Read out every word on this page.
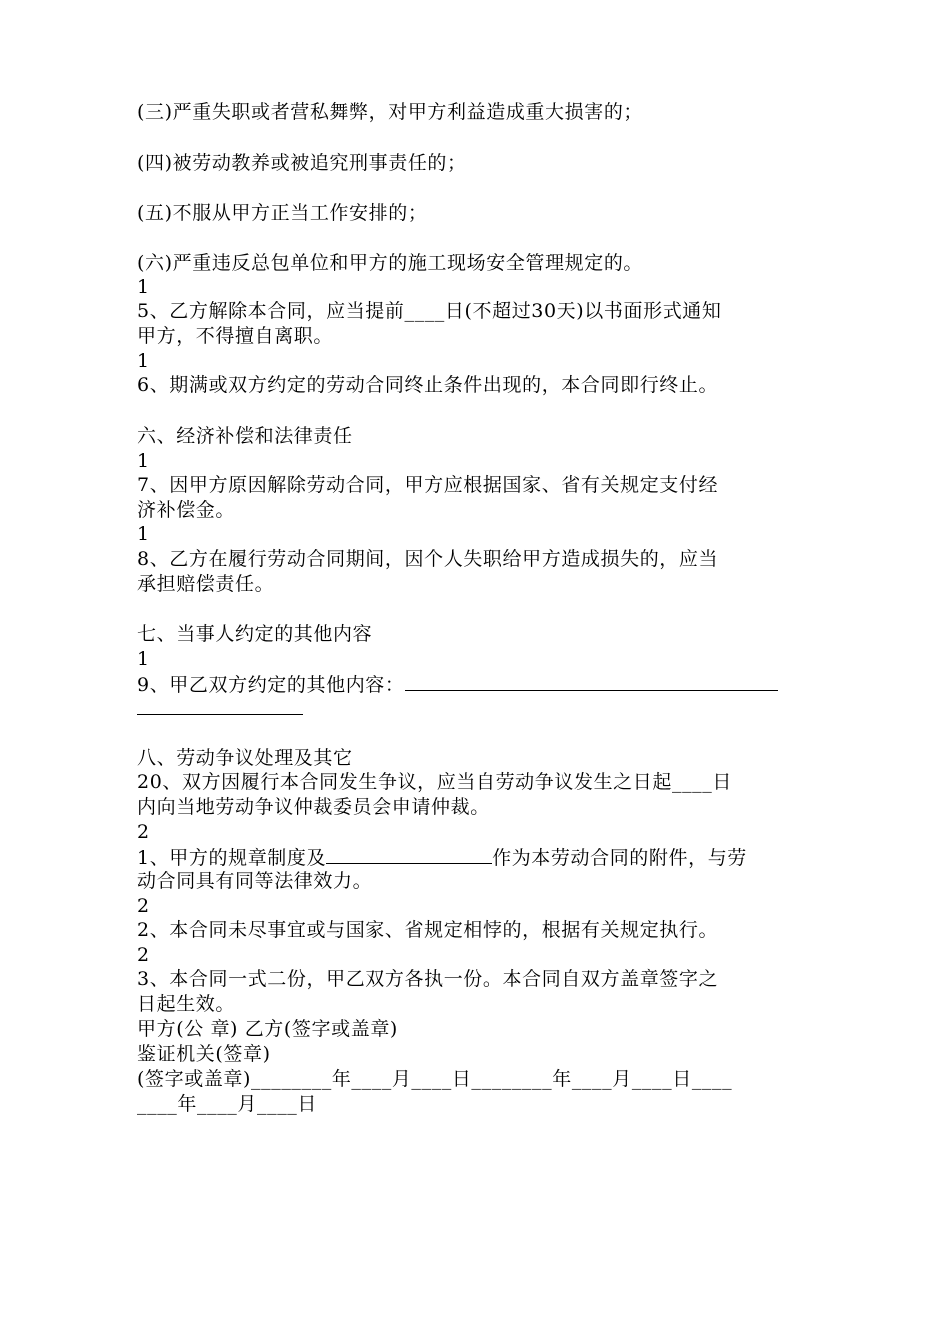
(三)严重失职或者营私舞弊，对甲方利益造成重大损害的；
(四)被劳动教养或被追究刑事责任的；
(五)不服从甲方正当工作安排的；
(六)严重违反总包单位和甲方的施工现场安全管理规定的。
1
5、乙方解除本合同，应当提前____日(不超过30天)以书面形式通知
甲方，不得擅自离职。
1
6、期满或双方约定的劳动合同终止条件出现的，本合同即行终止。
六、经济补偿和法律责任
1
7、因甲方原因解除劳动合同，甲方应根据国家、省有关规定支付经
济补偿金。
1
8、乙方在履行劳动合同期间，因个人失职给甲方造成损失的，应当
承担赔偿责任。
七、当事人约定的其他内容
1
9、甲乙双方约定的其他内容：
八、劳动争议处理及其它
20、双方因履行本合同发生争议，应当自劳动争议发生之日起____日
内向当地劳动争议仲裁委员会申请仲裁。
2
1、甲方的规章制度及	作为本劳动合同的附件，与劳
动合同具有同等法律效力。
2
2、本合同未尽事宜或与国家、省规定相悖的，根据有关规定执行。
2
3、本合同一式二份，甲乙双方各执一份。本合同自双方盖章签字之
日起生效。
甲方(公 章) 乙方(签字或盖章)
鉴证机关(签章)
(签字或盖章)________年____月____日________年____月____日____
____年____月____日
